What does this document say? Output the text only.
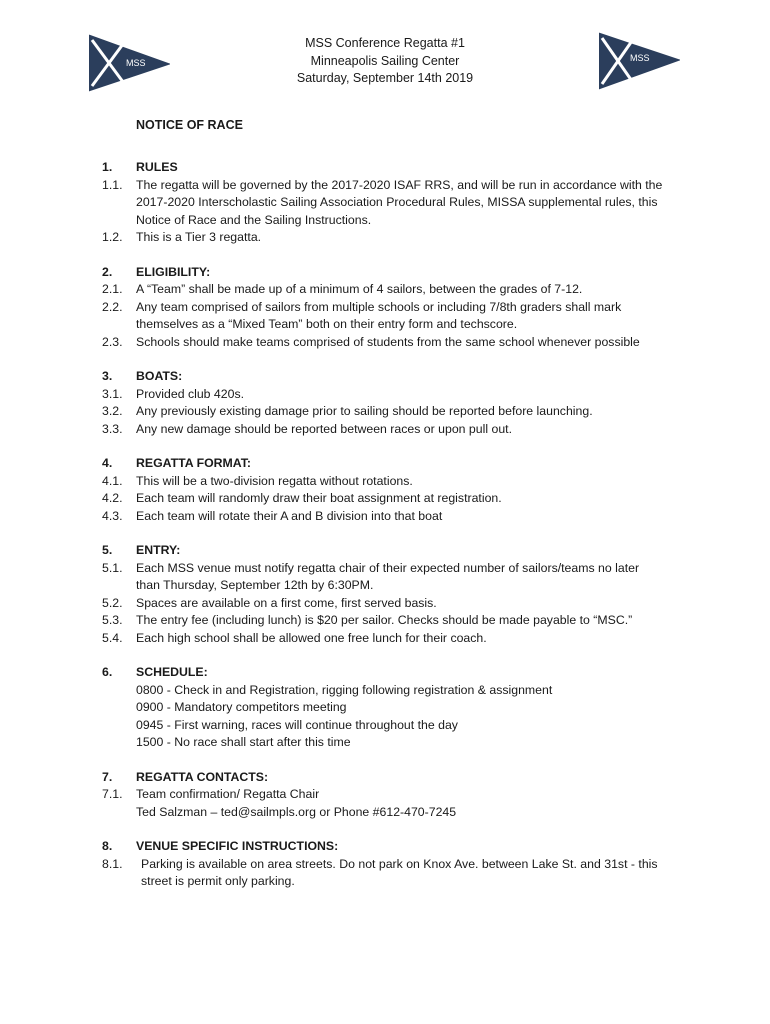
MSS	MSS
MSS Conference Regatta #1
Minneapolis Sailing Center
Saturday, September 14th 2019
NOTICE OF RACE
1. RULES
1.1. The regatta will be governed by the 2017-2020 ISAF RRS, and will be run in accordance with the 2017-2020 Interscholastic Sailing Association Procedural Rules, MISSA supplemental rules, this Notice of Race and the Sailing Instructions.
1.2. This is a Tier 3 regatta.
2. ELIGIBILITY:
2.1. A “Team” shall be made up of a minimum of 4 sailors, between the grades of 7-12.
2.2. Any team comprised of sailors from multiple schools or including 7/8th graders shall mark themselves as a “Mixed Team” both on their entry form and techscore.
2.3. Schools should make teams comprised of students from the same school whenever possible
3. BOATS:
3.1. Provided club 420s.
3.2. Any previously existing damage prior to sailing should be reported before launching.
3.3. Any new damage should be reported between races or upon pull out.
4. REGATTA FORMAT:
4.1. This will be a two-division regatta without rotations.
4.2. Each team will randomly draw their boat assignment at registration.
4.3. Each team will rotate their A and B division into that boat
5. ENTRY:
5.1. Each MSS venue must notify regatta chair of their expected number of sailors/teams no later than Thursday, September 12th by 6:30PM.
5.2. Spaces are available on a first come, first served basis.
5.3. The entry fee (including lunch) is $20 per sailor. Checks should be made payable to “MSC.”
5.4. Each high school shall be allowed one free lunch for their coach.
6. SCHEDULE:
0800 - Check in and Registration, rigging following registration & assignment
0900 - Mandatory competitors meeting
0945 - First warning, races will continue throughout the day
1500 - No race shall start after this time
7. REGATTA CONTACTS:
7.1. Team confirmation/ Regatta Chair
Ted Salzman – ted@sailmpls.org or Phone #612-470-7245
8. VENUE SPECIFIC INSTRUCTIONS:
8.1. Parking is available on area streets. Do not park on Knox Ave. between Lake St. and 31st - this street is permit only parking.
